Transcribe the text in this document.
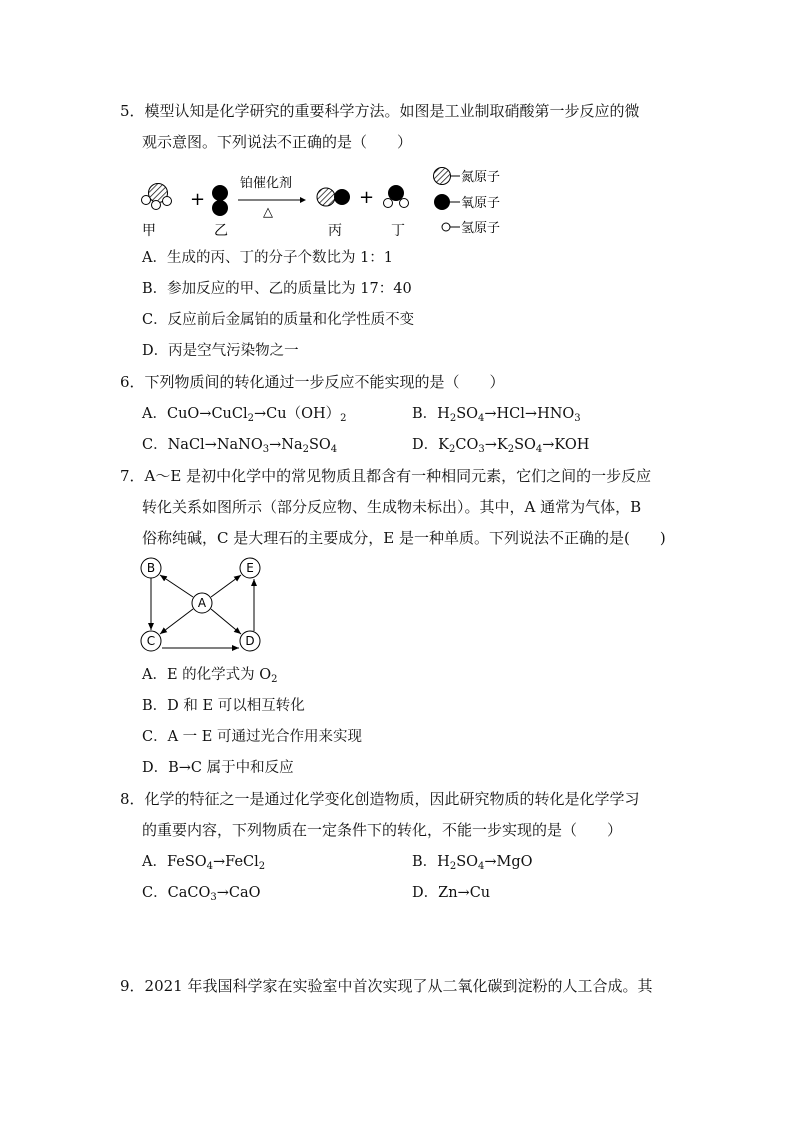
5．模型认知是化学研究的重要科学方法。如图是工业制取硝酸第一步反应的微
观示意图。下列说法不正确的是（　　）
+
铂催化剂
△
+
甲	乙	丙	丁
氮原子
氧原子
氢原子
A．生成的丙、丁的分子个数比为 1：1
B．参加反应的甲、乙的质量比为 17：40
C．反应前后金属铂的质量和化学性质不变
D．丙是空气污染物之一
6．下列物质间的转化通过一步反应不能实现的是（　　）
A．$CuO\to CuCl_2\to Cu(OH)_2$	B．$H_2SO_4\to HCl\to HNO_3$
C．$NaCl\to NaNO_3\to Na_2SO_4$	D．$K_2CO_3\to K_2SO_4\to KOH$
7．A～E 是初中化学中的常见物质且都含有一种相同元素，它们之间的一步反应
转化关系如图所示（部分反应物、生成物未标出）。其中，A 通常为气体，B
俗称纯碱，C 是大理石的主要成分，E 是一种单质。下列说法不正确的是(　　)
B	E
A
C	D
A．E 的化学式为 $O_2$
B．D 和 E 可以相互转化
C．A 一 E 可通过光合作用来实现
D．B→C 属于中和反应
8．化学的特征之一是通过化学变化创造物质，因此研究物质的转化是化学学习
的重要内容，下列物质在一定条件下的转化，不能一步实现的是（　　）
A．FeSO$_4$→FeCl$_2$	B．$H_2SO_4\to MgO$
C．CaCO$_3$→CaO	D．Zn→Cu
9．2021 年我国科学家在实验室中首次实现了从二氧化碳到淀粉的人工合成。其
